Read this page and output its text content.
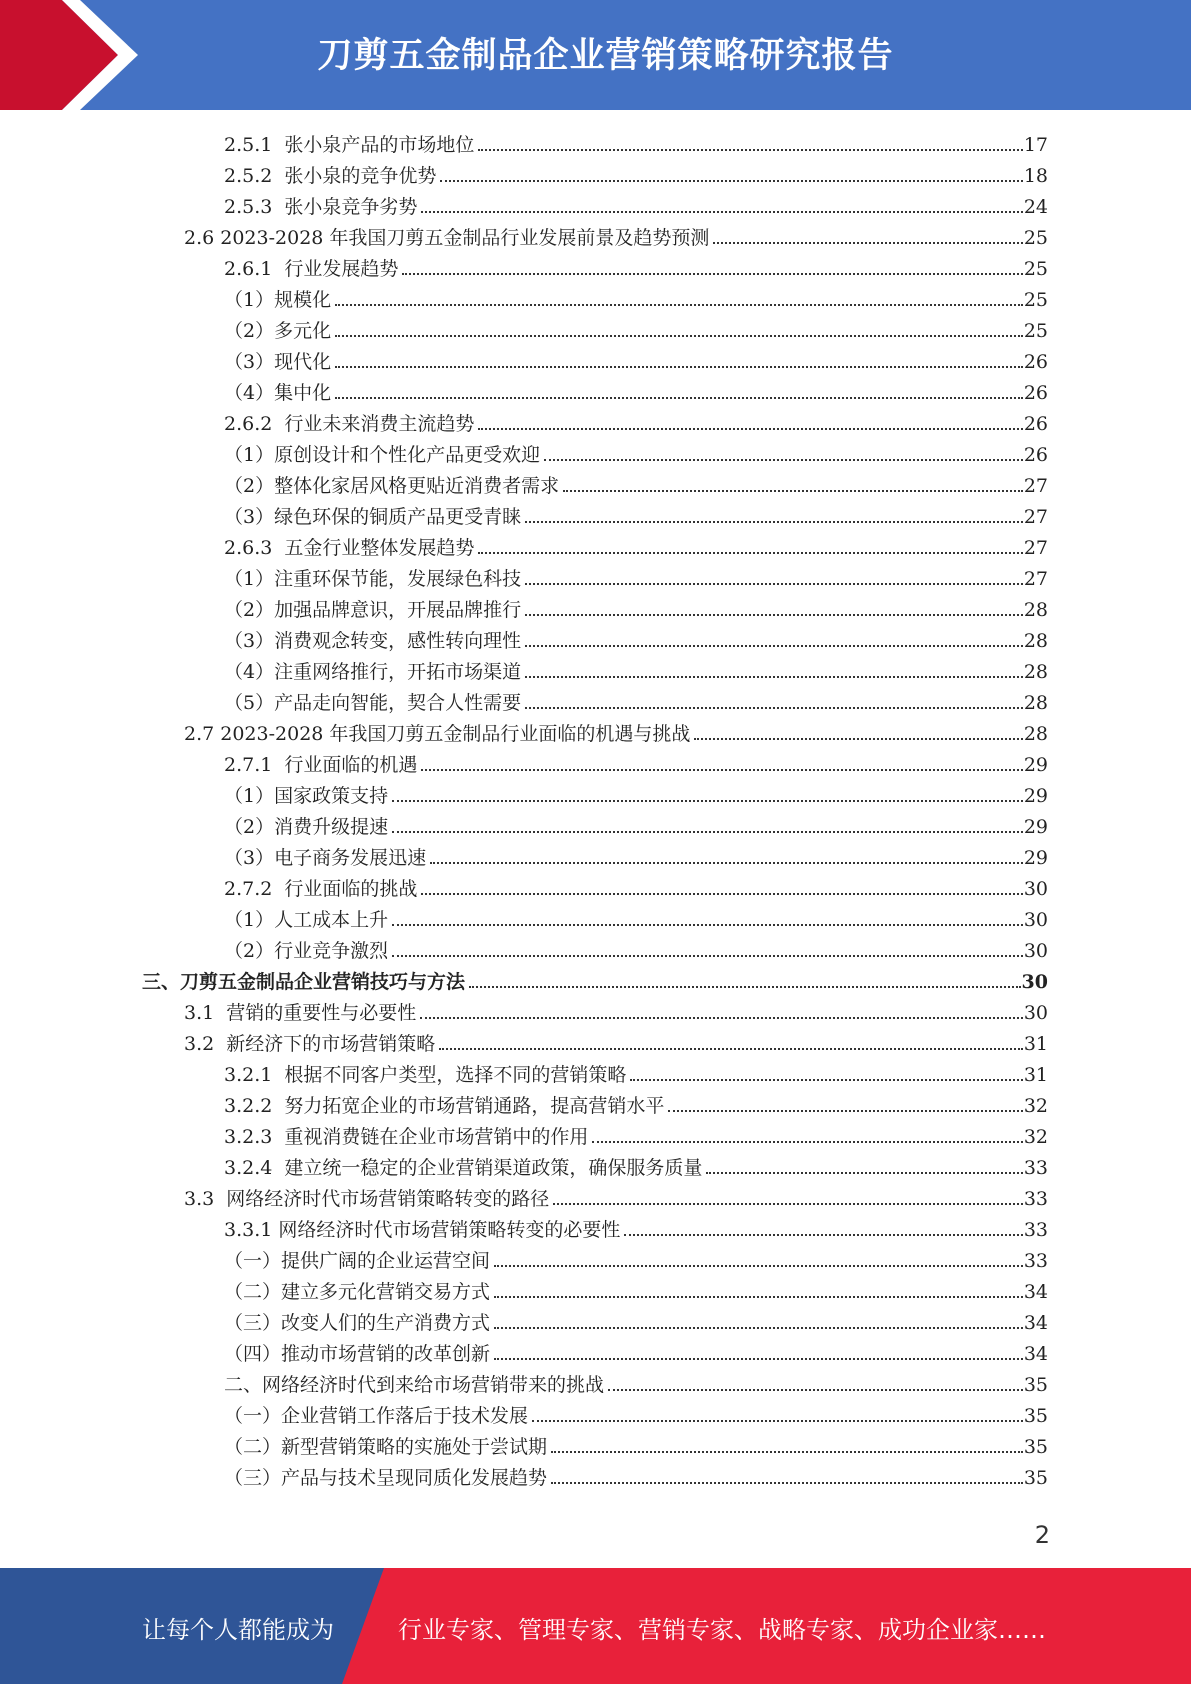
刀剪五金制品企业营销策略研究报告
2.5.1  张小泉产品的市场地位	17
2.5.2  张小泉的竞争优势	18
2.5.3  张小泉竞争劣势	24
2.6 2023-2028 年我国刀剪五金制品行业发展前景及趋势预测	25
2.6.1  行业发展趋势	25
（1）规模化	25
（2）多元化	25
（3）现代化	26
（4）集中化	26
2.6.2  行业未来消费主流趋势	26
（1）原创设计和个性化产品更受欢迎	26
（2）整体化家居风格更贴近消费者需求	27
（3）绿色环保的铜质产品更受青睐	27
2.6.3  五金行业整体发展趋势	27
（1）注重环保节能，发展绿色科技	27
（2）加强品牌意识，开展品牌推行	28
（3）消费观念转变，感性转向理性	28
（4）注重网络推行，开拓市场渠道	28
（5）产品走向智能，契合人性需要	28
2.7 2023-2028 年我国刀剪五金制品行业面临的机遇与挑战	28
2.7.1  行业面临的机遇	29
（1）国家政策支持	29
（2）消费升级提速	29
（3）电子商务发展迅速	29
2.7.2  行业面临的挑战	30
（1）人工成本上升	30
（2）行业竞争激烈	30
三、刀剪五金制品企业营销技巧与方法	30
3.1  营销的重要性与必要性	30
3.2  新经济下的市场营销策略	31
3.2.1  根据不同客户类型，选择不同的营销策略	31
3.2.2  努力拓宽企业的市场营销通路，提高营销水平	32
3.2.3  重视消费链在企业市场营销中的作用	32
3.2.4  建立统一稳定的企业营销渠道政策，确保服务质量	33
3.3  网络经济时代市场营销策略转变的路径	33
3.3.1 网络经济时代市场营销策略转变的必要性	33
（一）提供广阔的企业运营空间	33
（二）建立多元化营销交易方式	34
（三）改变人们的生产消费方式	34
（四）推动市场营销的改革创新	34
二、网络经济时代到来给市场营销带来的挑战	35
（一）企业营销工作落后于技术发展	35
（二）新型营销策略的实施处于尝试期	35
（三）产品与技术呈现同质化发展趋势	35
2
让每个人都能成为	行业专家、管理专家、营销专家、战略专家、成功企业家……
